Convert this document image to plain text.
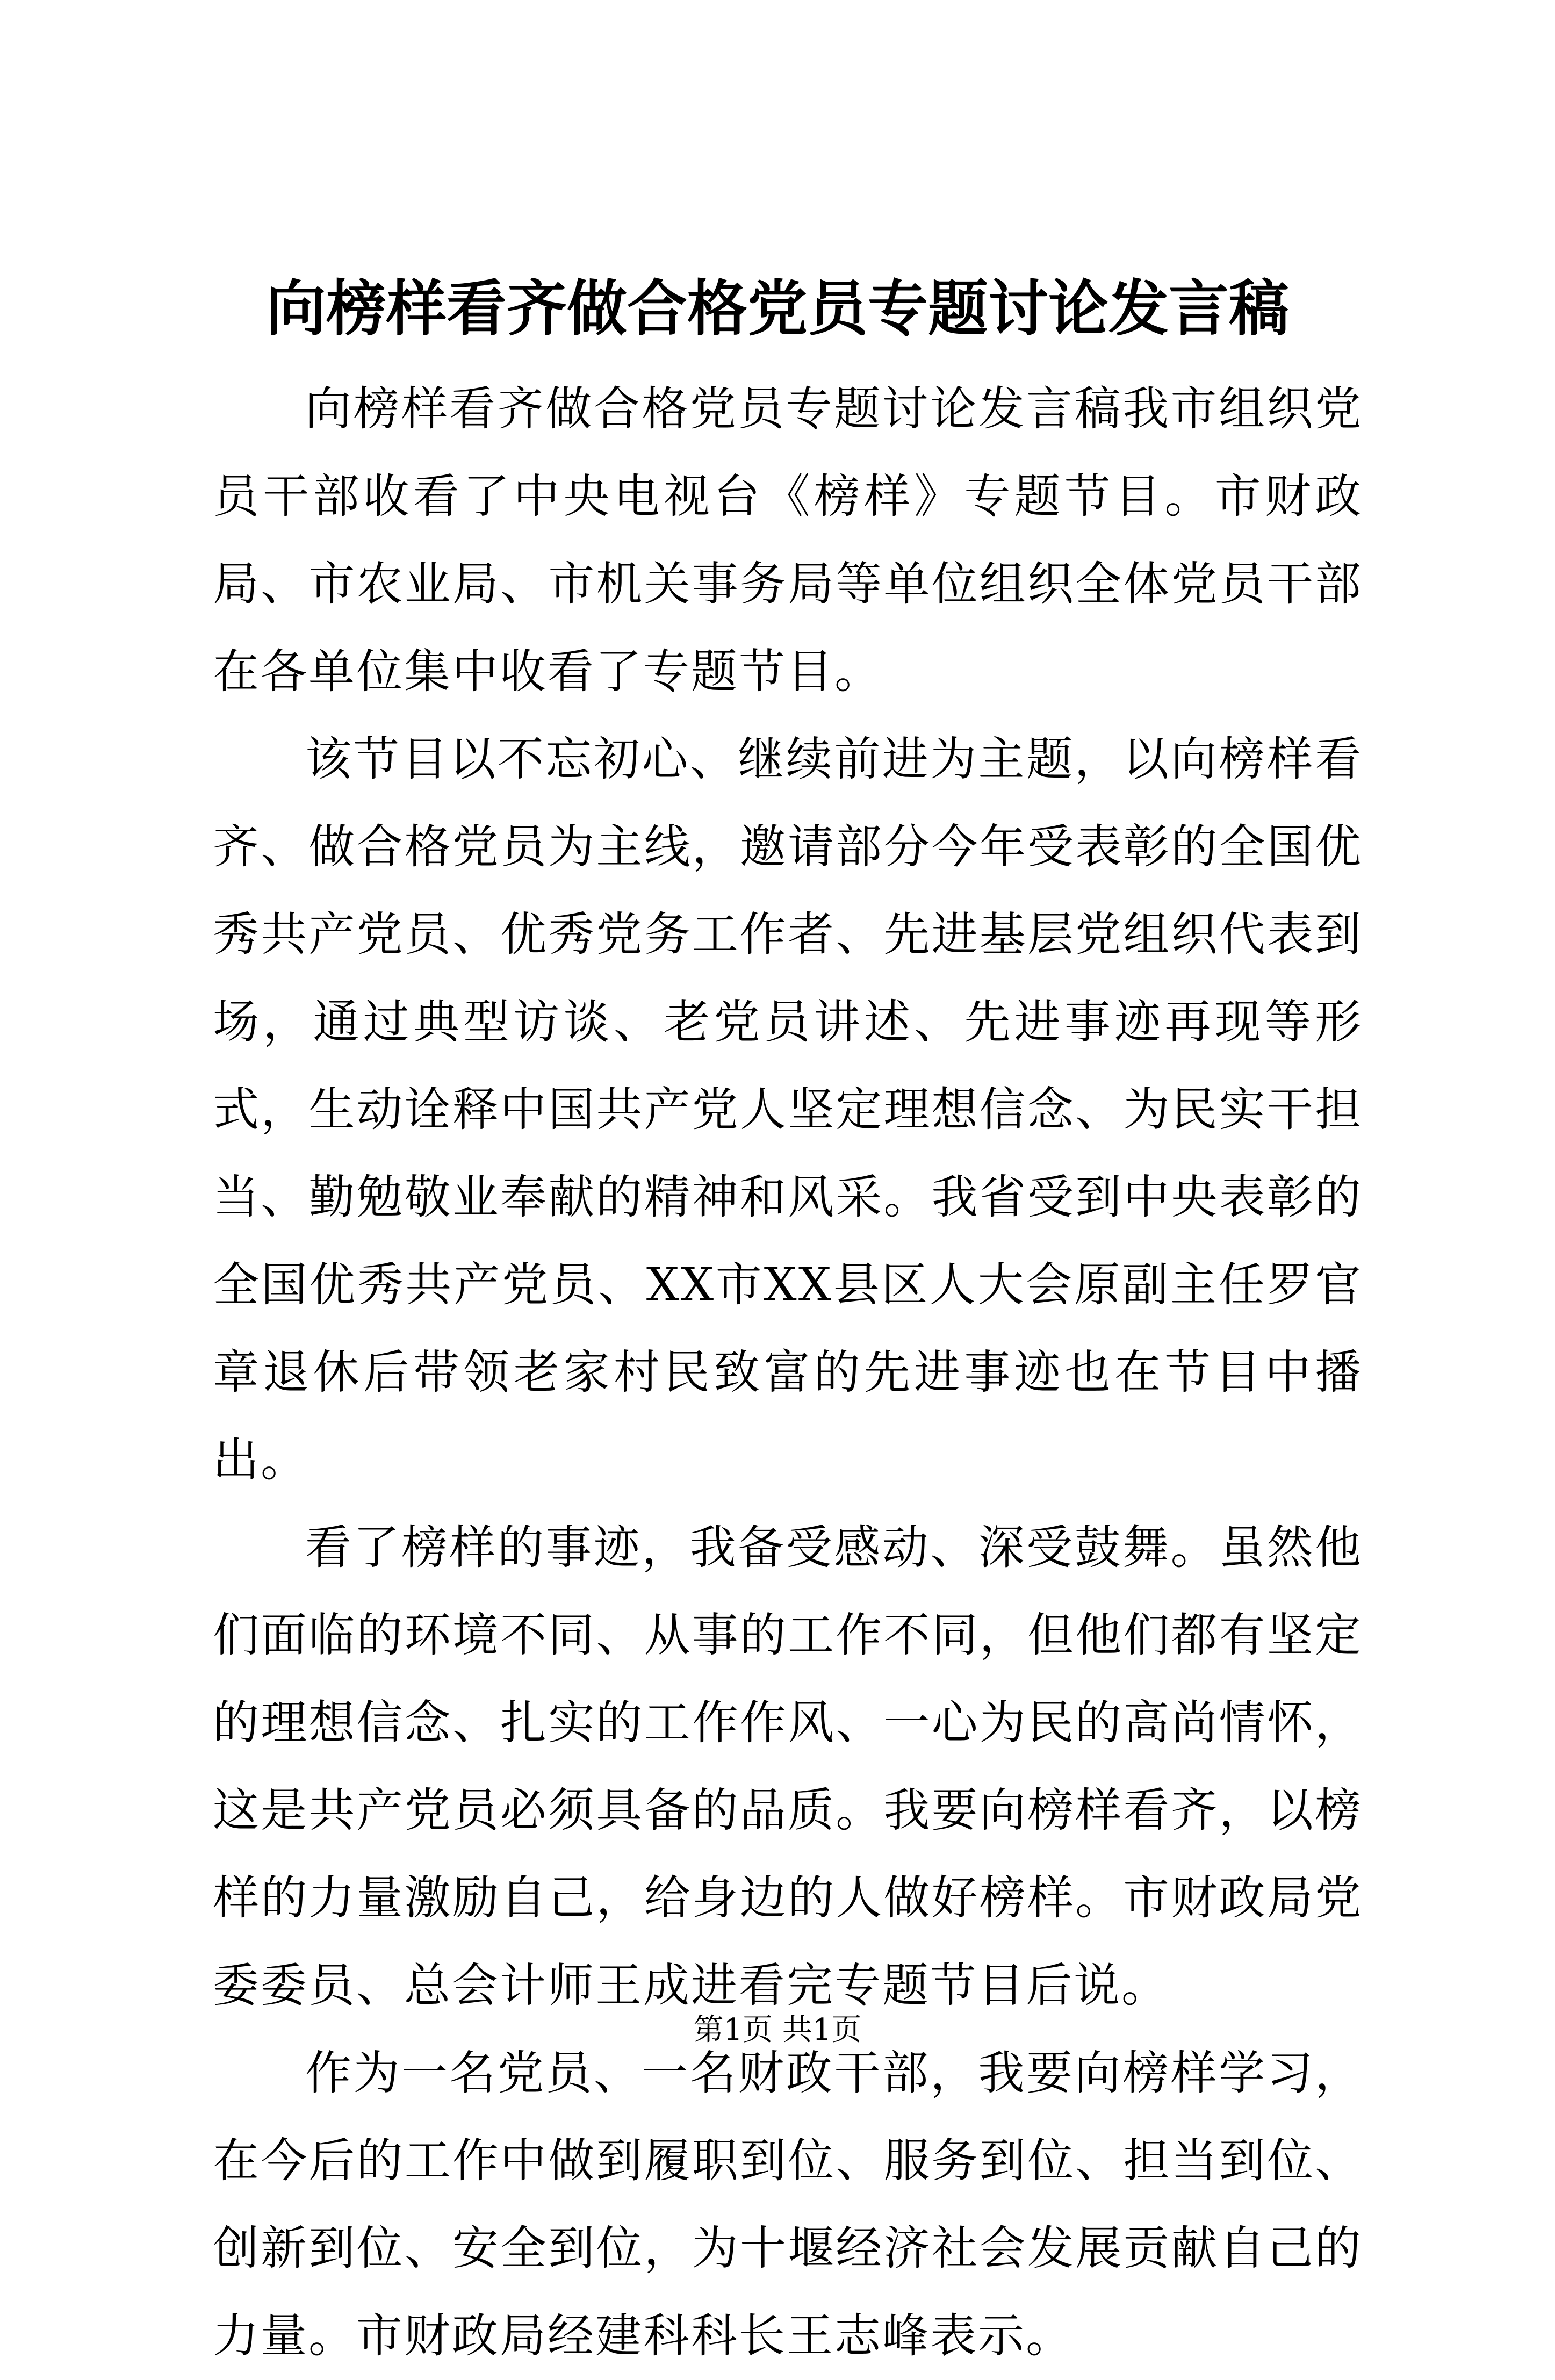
向榜样看齐做合格党员专题讨论发言稿

向榜样看齐做合格党员专题讨论发言稿我市组织党员干部收看了中央电视台《榜样》专题节目。市财政局、市农业局、市机关事务局等单位组织全体党员干部在各单位集中收看了专题节目。

该节目以不忘初心、继续前进为主题，以向榜样看齐、做合格党员为主线，邀请部分今年受表彰的全国优秀共产党员、优秀党务工作者、先进基层党组织代表到场，通过典型访谈、老党员讲述、先进事迹再现等形式，生动诠释中国共产党人坚定理想信念、为民实干担当、勤勉敬业奉献的精神和风采。我省受到中央表彰的全国优秀共产党员、XX市XX县区人大会原副主任罗官章退休后带领老家村民致富的先进事迹也在节目中播出。

看了榜样的事迹，我备受感动、深受鼓舞。虽然他们面临的环境不同、从事的工作不同，但他们都有坚定的理想信念、扎实的工作作风、一心为民的高尚情怀，这是共产党员必须具备的品质。我要向榜样看齐，以榜样的力量激励自己，给身边的人做好榜样。市财政局党委委员、总会计师王成进看完专题节目后说。

作为一名党员、一名财政干部，我要向榜样学习，在今后的工作中做到履职到位、服务到位、担当到位、创新到位、安全到位，为十堰经济社会发展贡献自己的力量。市财政局经建科科长王志峰表示。

第1页 共1页
